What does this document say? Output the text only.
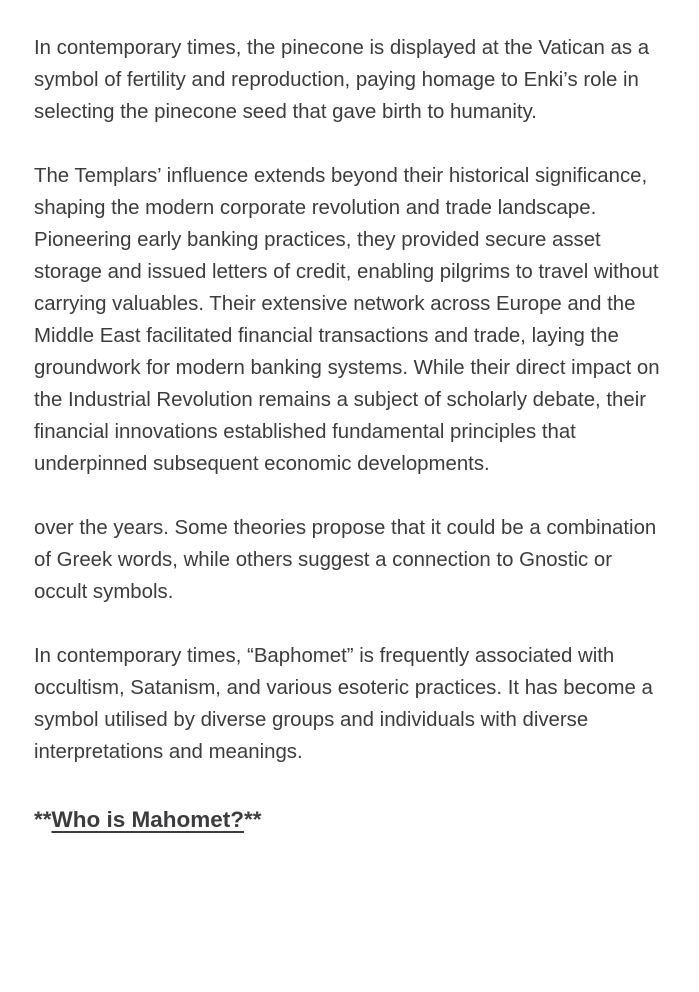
In contemporary times, the pinecone is displayed at the Vatican as a symbol of fertility and reproduction, paying homage to Enki’s role in selecting the pinecone seed that gave birth to humanity.

The Templars’ influence extends beyond their historical significance, shaping the modern corporate revolution and trade landscape. Pioneering early banking practices, they provided secure asset storage and issued letters of credit, enabling pilgrims to travel without carrying valuables. Their extensive network across Europe and the Middle East facilitated financial transactions and trade, laying the groundwork for modern banking systems. While their direct impact on the Industrial Revolution remains a subject of scholarly debate, their financial innovations established fundamental principles that underpinned subsequent economic developments.

over the years. Some theories propose that it could be a combination of Greek words, while others suggest a connection to Gnostic or occult symbols.

In contemporary times, “Baphomet” is frequently associated with occultism, Satanism, and various esoteric practices. It has become a symbol utilised by diverse groups and individuals with diverse interpretations and meanings.

**Who is Mahomet?**
